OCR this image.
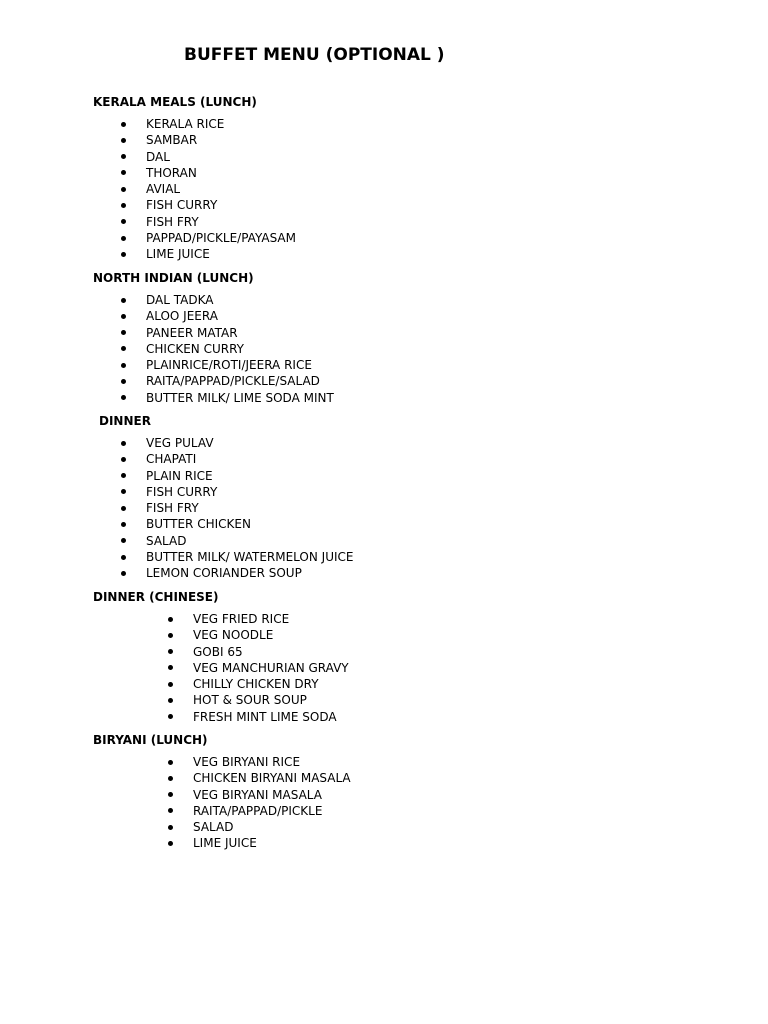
BUFFET MENU (OPTIONAL )
KERALA MEALS (LUNCH)
KERALA RICE
SAMBAR
DAL
THORAN
AVIAL
FISH CURRY
FISH FRY
PAPPAD/PICKLE/PAYASAM
LIME JUICE
NORTH INDIAN (LUNCH)
DAL TADKA
ALOO JEERA
PANEER MATAR
CHICKEN CURRY
PLAINRICE/ROTI/JEERA RICE
RAITA/PAPPAD/PICKLE/SALAD
BUTTER MILK/ LIME SODA MINT
DINNER
VEG PULAV
CHAPATI
PLAIN RICE
FISH CURRY
FISH FRY
BUTTER CHICKEN
SALAD
BUTTER MILK/ WATERMELON JUICE
LEMON CORIANDER SOUP
DINNER (CHINESE)
VEG FRIED RICE
VEG NOODLE
GOBI 65
VEG MANCHURIAN GRAVY
CHILLY CHICKEN DRY
HOT & SOUR SOUP
FRESH MINT LIME SODA
BIRYANI (LUNCH)
VEG BIRYANI RICE
CHICKEN BIRYANI MASALA
VEG BIRYANI MASALA
RAITA/PAPPAD/PICKLE
SALAD
LIME JUICE
